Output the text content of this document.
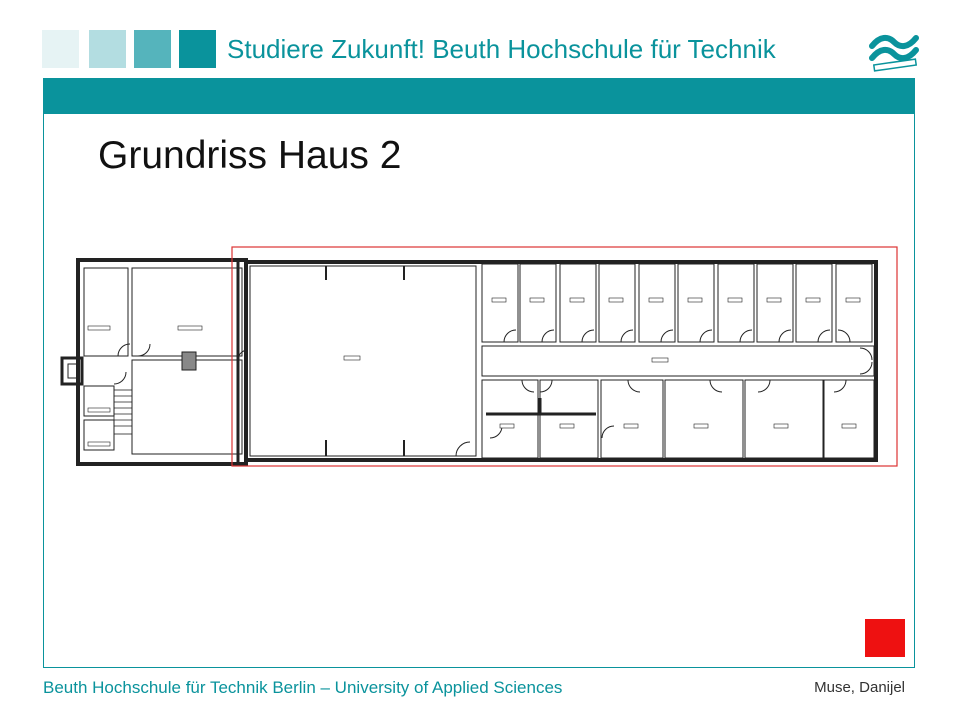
Studiere Zukunft! Beuth Hochschule für Technik
Grundriss Haus 2
Beuth Hochschule für Technik Berlin – University of Applied Sciences	Muse, Danijel
